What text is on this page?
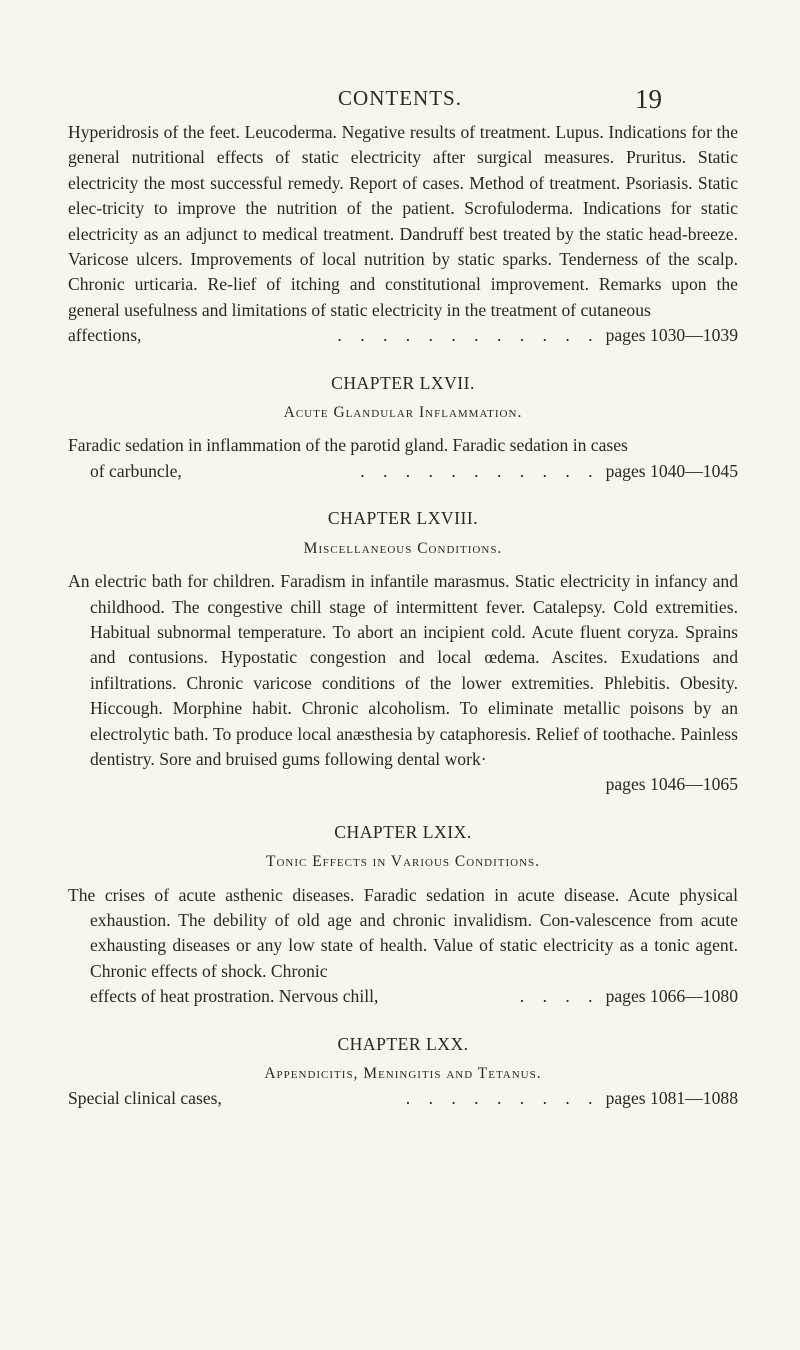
CONTENTS.	19

Hyperidrosis of the feet. Leucoderma. Negative results of treatment. Lupus. Indications for the general nutritional effects of static electricity after surgical measures. Pruritus. Static electricity the most successful remedy. Report of cases. Method of treatment. Psoriasis. Static elec-tricity to improve the nutrition of the patient. Scrofuloderma. Indications for static electricity as an adjunct to medical treatment. Dandruff best treated by the static head-breeze. Varicose ulcers. Improvements of local nutrition by static sparks. Tenderness of the scalp. Chronic urticaria. Re-lief of itching and constitutional improvement. Remarks upon the general usefulness and limitations of static electricity in the treatment of cutaneous

affections,	. . . . . . . . . . . . pages 1030—1039
CHAPTER LXVII.
Acute Glandular Inflammation.

Faradic sedation in inflammation of the parotid gland. Faradic sedation in cases

of carbuncle,	. . . . . . . . . . . pages 1040—1045
CHAPTER LXVIII.
Miscellaneous Conditions.

An electric bath for children. Faradism in infantile marasmus. Static electricity in infancy and childhood. The congestive chill stage of intermittent fever. Catalepsy. Cold extremities. Habitual subnormal temperature. To abort an incipient cold. Acute fluent coryza. Sprains and contusions. Hypostatic congestion and local œdema. Ascites. Exudations and infiltrations. Chronic varicose conditions of the lower extremities. Phlebitis. Obesity. Hiccough. Morphine habit. Chronic alcoholism. To eliminate metallic poisons by an electrolytic bath. To produce local anæsthesia by cataphoresis. Relief of toothache. Painless dentistry. Sore and bruised gums following dental work·

pages 1046—1065
CHAPTER LXIX.
Tonic Effects in Various Conditions.

The crises of acute asthenic diseases. Faradic sedation in acute disease. Acute physical exhaustion. The debility of old age and chronic invalidism. Con-valescence from acute exhausting diseases or any low state of health. Value of static electricity as a tonic agent. Chronic effects of shock. Chronic

effects of heat prostration. Nervous chill,	. . . . pages 1066—1080
CHAPTER LXX.
Appendicitis, Meningitis and Tetanus.
Special clinical cases,	. . . . . . . . . pages 1081—1088
